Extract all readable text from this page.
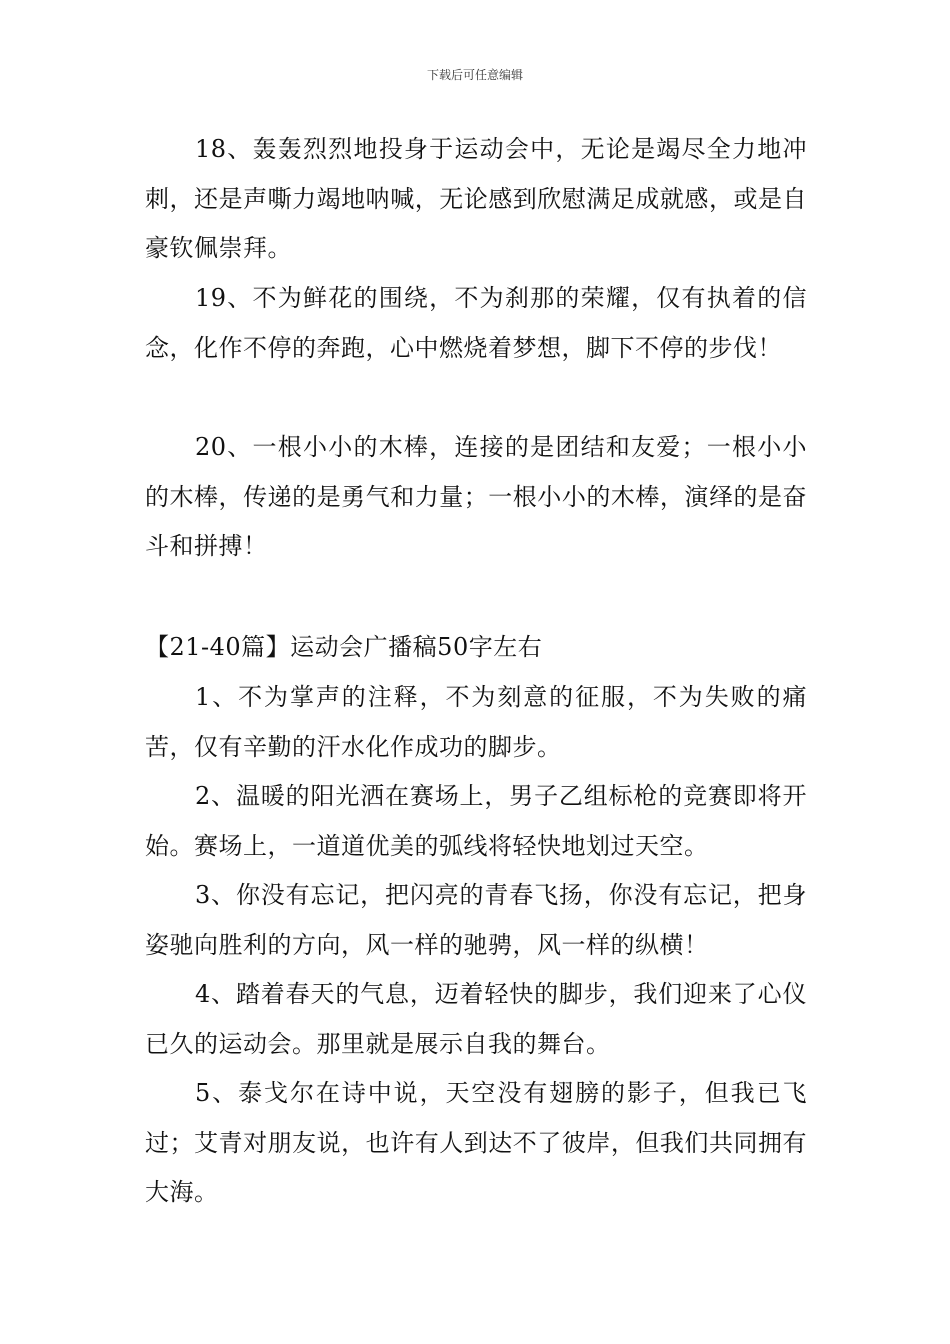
下载后可任意编辑

18、轰轰烈烈地投身于运动会中，无论是竭尽全力地冲刺，还是声嘶力竭地呐喊，无论感到欣慰满足成就感，或是自豪钦佩崇拜。

19、不为鲜花的围绕，不为刹那的荣耀，仅有执着的信念，化作不停的奔跑，心中燃烧着梦想，脚下不停的步伐！

20、一根小小的木棒，连接的是团结和友爱；一根小小的木棒，传递的是勇气和力量；一根小小的木棒，演绎的是奋斗和拼搏！

【21-40篇】运动会广播稿50字左右

1、不为掌声的注释，不为刻意的征服，不为失败的痛苦，仅有辛勤的汗水化作成功的脚步。

2、温暖的阳光洒在赛场上，男子乙组标枪的竞赛即将开始。赛场上，一道道优美的弧线将轻快地划过天空。

3、你没有忘记，把闪亮的青春飞扬，你没有忘记，把身姿驰向胜利的方向，风一样的驰骋，风一样的纵横！

4、踏着春天的气息，迈着轻快的脚步，我们迎来了心仪已久的运动会。那里就是展示自我的舞台。

5、泰戈尔在诗中说，天空没有翅膀的影子，但我已飞过；艾青对朋友说，也许有人到达不了彼岸，但我们共同拥有大海。
